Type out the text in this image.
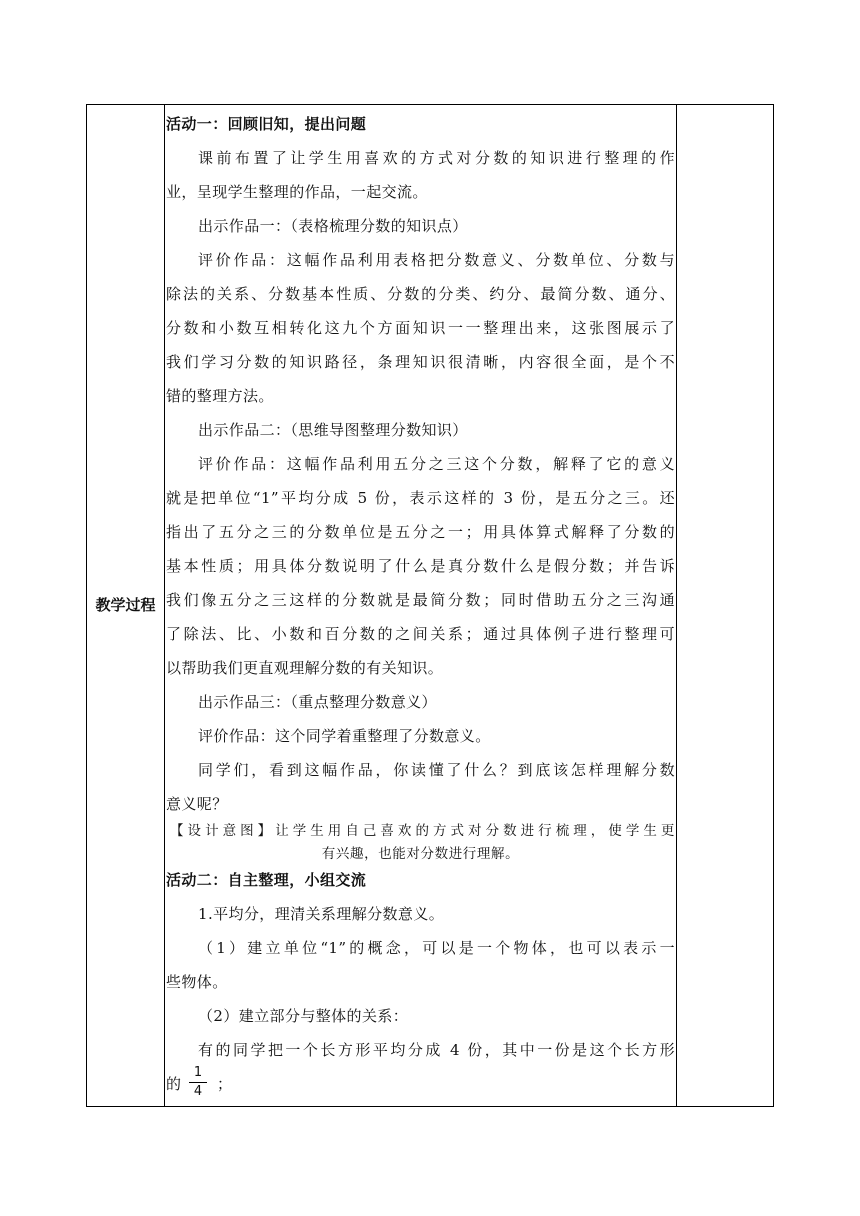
教学过程
活动一：回顾旧知，提出问题
课前布置了让学生用喜欢的方式对分数的知识进行整理的作
业，呈现学生整理的作品，一起交流。
出示作品一：（表格梳理分数的知识点）
评价作品：这幅作品利用表格把分数意义、分数单位、分数与
除法的关系、分数基本性质、分数的分类、约分、最简分数、通分、
分数和小数互相转化这九个方面知识一一整理出来，这张图展示了
我们学习分数的知识路径，条理知识很清晰，内容很全面，是个不
错的整理方法。
出示作品二：（思维导图整理分数知识）
评价作品：这幅作品利用五分之三这个分数，解释了它的意义
就是把单位“1”平均分成 5 份，表示这样的 3 份，是五分之三。还
指出了五分之三的分数单位是五分之一；用具体算式解释了分数的
基本性质；用具体分数说明了什么是真分数什么是假分数；并告诉
我们像五分之三这样的分数就是最简分数；同时借助五分之三沟通
了除法、比、小数和百分数的之间关系；通过具体例子进行整理可
以帮助我们更直观理解分数的有关知识。
出示作品三：（重点整理分数意义）
评价作品：这个同学着重整理了分数意义。
同学们，看到这幅作品，你读懂了什么？到底该怎样理解分数
意义呢？
【设计意图】让学生用自己喜欢的方式对分数进行梳理，使学生更
有兴趣，也能对分数进行理解。
活动二：自主整理，小组交流
1.平均分，理清关系理解分数意义。
（1）建立单位“1”的概念，可以是一个物体，也可以表示一
些物体。
（2）建立部分与整体的关系：
有的同学把一个长方形平均分成 4 份，其中一份是这个长方形
的
1
4 ；
